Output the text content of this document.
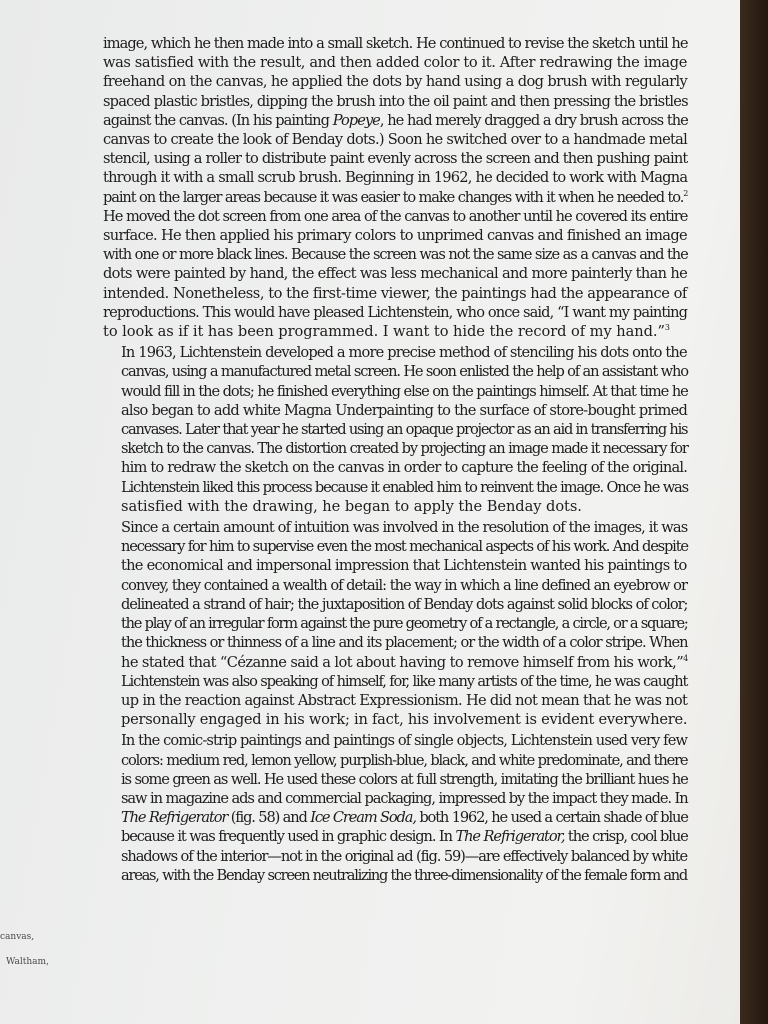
image, which he then made into a small sketch. He continued to revise the sketch until he
was satisfied with the result, and then added color to it. After redrawing the image
freehand on the canvas, he applied the dots by hand using a dog brush with regularly
spaced plastic bristles, dipping the brush into the oil paint and then pressing the bristles
against the canvas. (In his painting Popeye, he had merely dragged a dry brush across the
canvas to create the look of Benday dots.) Soon he switched over to a handmade metal
stencil, using a roller to distribute paint evenly across the screen and then pushing paint
through it with a small scrub brush. Beginning in 1962, he decided to work with Magna
paint on the larger areas because it was easier to make changes with it when he needed to.$^2$
He moved the dot screen from one area of the canvas to another until he covered its entire
surface. He then applied his primary colors to unprimed canvas and finished an image
with one or more black lines. Because the screen was not the same size as a canvas and the
dots were painted by hand, the effect was less mechanical and more painterly than he
intended. Nonetheless, to the first-time viewer, the paintings had the appearance of
reproductions. This would have pleased Lichtenstein, who once said, “I want my painting
to look as if it has been programmed. I want to hide the record of my hand.”$^3$

In 1963, Lichtenstein developed a more precise method of stenciling his dots onto the
canvas, using a manufactured metal screen. He soon enlisted the help of an assistant who
would fill in the dots; he finished everything else on the paintings himself. At that time he
also began to add white Magna Underpainting to the surface of store-bought primed
canvases. Later that year he started using an opaque projector as an aid in transferring his
sketch to the canvas. The distortion created by projecting an image made it necessary for
him to redraw the sketch on the canvas in order to capture the feeling of the original.
Lichtenstein liked this process because it enabled him to reinvent the image. Once he was
satisfied with the drawing, he began to apply the Benday dots.

Since a certain amount of intuition was involved in the resolution of the images, it was
necessary for him to supervise even the most mechanical aspects of his work. And despite
the economical and impersonal impression that Lichtenstein wanted his paintings to
convey, they contained a wealth of detail: the way in which a line defined an eyebrow or
delineated a strand of hair; the juxtaposition of Benday dots against solid blocks of color;
the play of an irregular form against the pure geometry of a rectangle, a circle, or a square;
the thickness or thinness of a line and its placement; or the width of a color stripe. When
he stated that “Cézanne said a lot about having to remove himself from his work,”$^4$
Lichtenstein was also speaking of himself, for, like many artists of the time, he was caught
up in the reaction against Abstract Expressionism. He did not mean that he was not
personally engaged in his work; in fact, his involvement is evident everywhere.

In the comic-strip paintings and paintings of single objects, Lichtenstein used very few
colors: medium red, lemon yellow, purplish-blue, black, and white predominate, and there
is some green as well. He used these colors at full strength, imitating the brilliant hues he
saw in magazine ads and commercial packaging, impressed by the impact they made. In
The Refrigerator (fig. 58) and Ice Cream Soda, both 1962, he used a certain shade of blue
because it was frequently used in graphic design. In The Refrigerator, the crisp, cool blue
shadows of the interior—not in the original ad (fig. 59)—are effectively balanced by white
areas, with the Benday screen neutralizing the three-dimensionality of the female form and

canvas,
Waltham,
